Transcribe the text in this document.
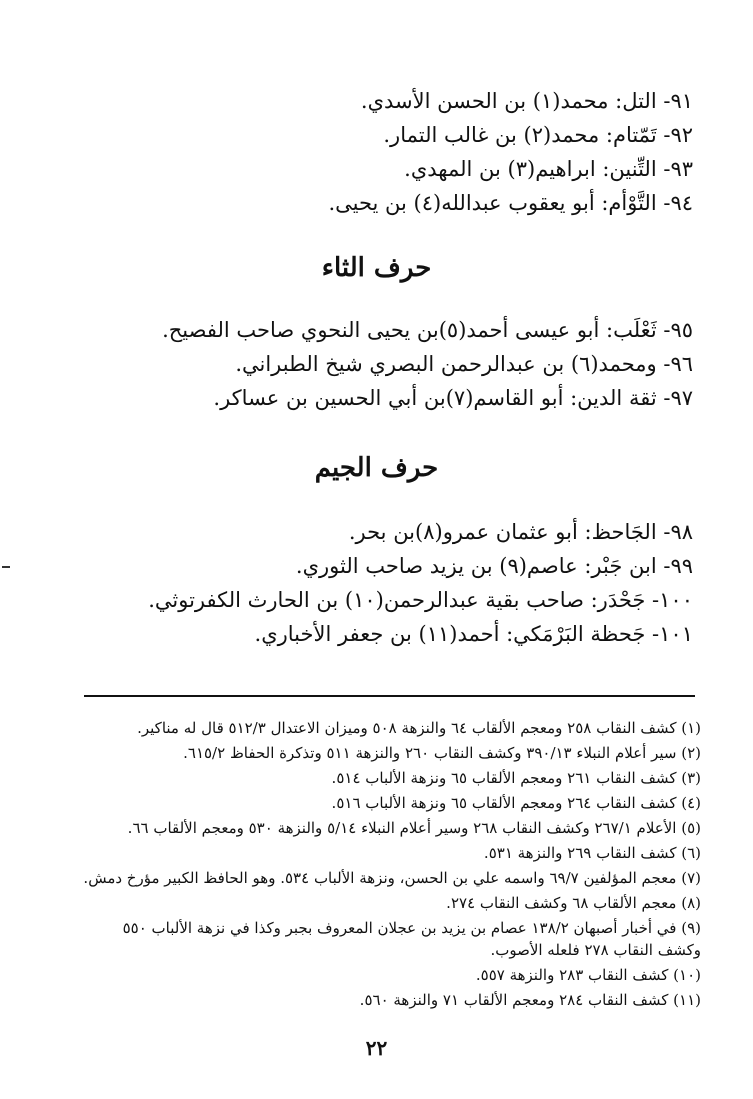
٩١- التل: محمد(١) بن الحسن الأسدي.
٩٢- تَمّتام: محمد(٢) بن غالب التمار.
٩٣- التِّنين: ابراهيم(٣) بن المهدي.
٩٤- التَّوْأم: أبو يعقوب عبدالله(٤) بن يحيى.
حرف الثاء
٩٥- ثَعْلَب: أبو عيسى أحمد(٥)بن يحيى النحوي صاحب الفصيح.
٩٦- ومحمد(٦) بن عبدالرحمن البصري شيخ الطبراني.
٩٧- ثقة الدين: أبو القاسم(٧)بن أبي الحسين بن عساكر.
حرف الجيم
٩٨- الجَاحظ: أبو عثمان عمرو(٨)بن بحر.
٩٩- ابن جَبْر: عاصم(٩) بن يزيد صاحب الثوري.
١٠٠- جَحْدَر: صاحب بقية عبدالرحمن(١٠) بن الحارث الكفرتوثي.
١٠١- جَحظة البَرْمَكي: أحمد(١١) بن جعفر الأخباري.
(١) كشف النقاب ٢٥٨ ومعجم الألقاب ٦٤ والنزهة ٥٠٨ وميزان الاعتدال ٥١٢/٣ قال له مناكير.
(٢) سير أعلام النبلاء ٣٩٠/١٣ وكشف النقاب ٢٦٠ والنزهة ٥١١ وتذكرة الحفاظ ٦١٥/٢.
(٣) كشف النقاب ٢٦١ ومعجم الألقاب ٦٥ ونزهة الألباب ٥١٤.
(٤) كشف النقاب ٢٦٤ ومعجم الألقاب ٦٥ ونزهة الألباب ٥١٦.
(٥) الأعلام ٢٦٧/١ وكشف النقاب ٢٦٨ وسير أعلام النبلاء ٥/١٤ والنزهة ٥٣٠ ومعجم الألقاب ٦٦.
(٦) كشف النقاب ٢٦٩ والنزهة ٥٣١.
(٧) معجم المؤلفين ٦٩/٧ واسمه علي بن الحسن، ونزهة الألباب ٥٣٤. وهو الحافظ الكبير مؤرخ دمش.
(٨) معجم الألقاب ٦٨ وكشف النقاب ٢٧٤.
(٩) في أخبار أصبهان ١٣٨/٢ عصام بن يزيد بن عجلان المعروف بجبر وكذا في نزهة الألباب ٥٥٠ وكشف النقاب ٢٧٨ فلعله الأصوب.
(١٠) كشف النقاب ٢٨٣ والنزهة ٥٥٧.
(١١) كشف النقاب ٢٨٤ ومعجم الألقاب ٧١ والنزهة ٥٦٠.
٢٢
